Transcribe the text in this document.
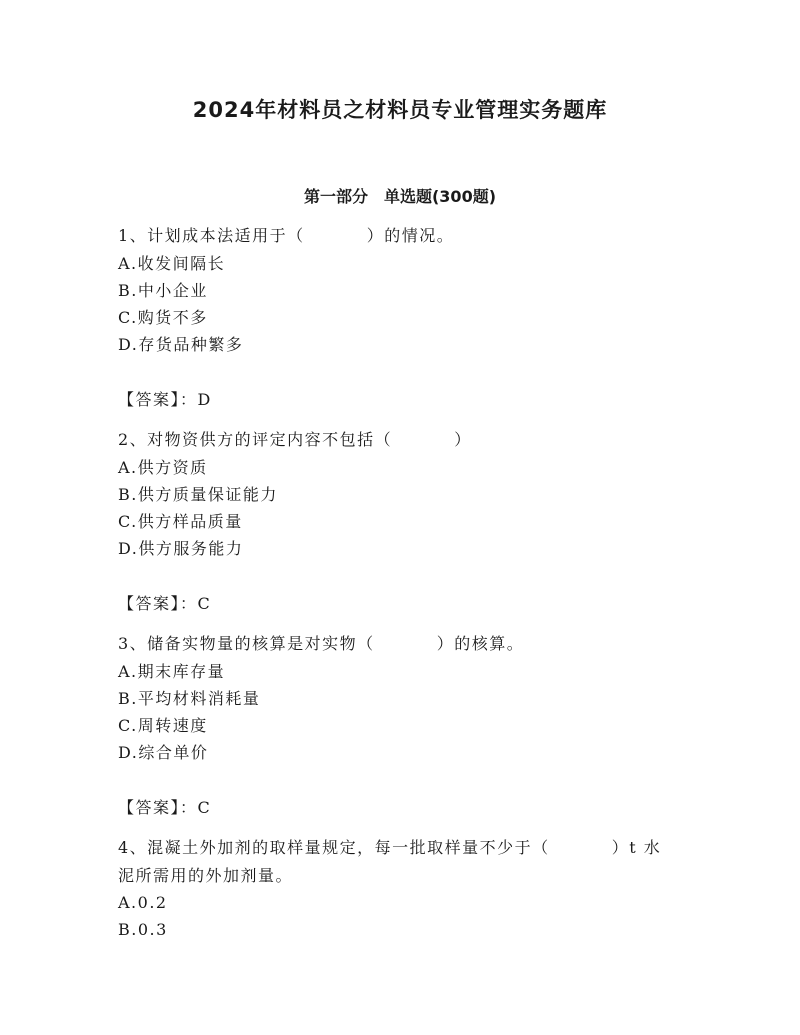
2024年材料员之材料员专业管理实务题库
第一部分　单选题(300题)
1、计划成本法适用于（	）的情况。
A.收发间隔长
B.中小企业
C.购货不多
D.存货品种繁多
【答案】：D
2、对物资供方的评定内容不包括（	）
A.供方资质
B.供方质量保证能力
C.供方样品质量
D.供方服务能力
【答案】：C
3、储备实物量的核算是对实物（	）的核算。
A.期末库存量
B.平均材料消耗量
C.周转速度
D.综合单价
【答案】：C
4、混凝土外加剂的取样量规定，每一批取样量不少于（	）t 水
泥所需用的外加剂量。
A.0.2
B.0.3
